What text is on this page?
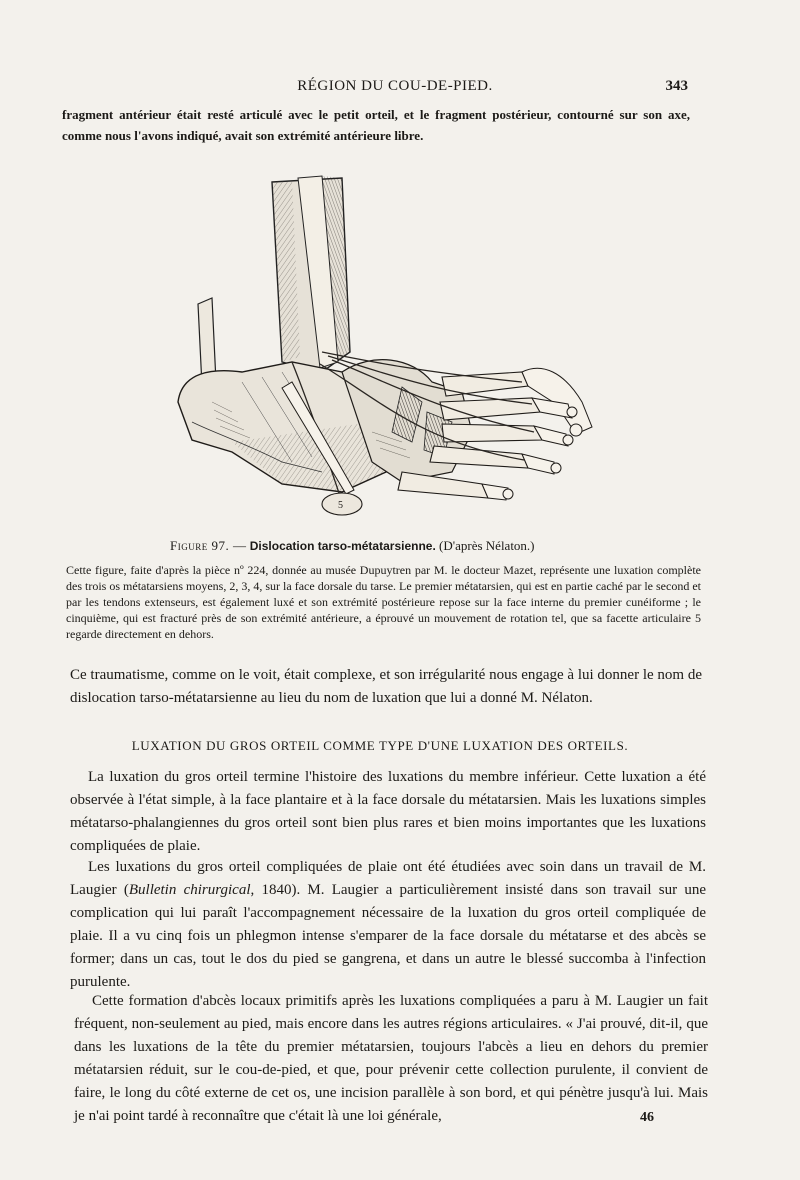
RÉGION DU COU-DE-PIED.	343

fragment antérieur était resté articulé avec le petit orteil, et le fragment postérieur, contourné sur son axe, comme nous l'avons indiqué, avait son extrémité antérieure libre.

5
Figure 97. — Dislocation tarso-métatarsienne. (D'après Nélaton.)

Cette figure, faite d'après la pièce nº 224, donnée au musée Dupuytren par M. le docteur Mazet, représente une luxation complète des trois os métatarsiens moyens, 2, 3, 4, sur la face dorsale du tarse. Le premier métatarsien, qui est en partie caché par le second et par les tendons extenseurs, est également luxé et son extrémité postérieure repose sur la face interne du premier cunéiforme ; le cinquième, qui est fracturé près de son extrémité antérieure, a éprouvé un mouvement de rotation tel, que sa facette articulaire 5 regarde directement en dehors.

Ce traumatisme, comme on le voit, était complexe, et son irrégularité nous engage à lui donner le nom de dislocation tarso-métatarsienne au lieu du nom de luxation que lui a donné M. Nélaton.

LUXATION DU GROS ORTEIL COMME TYPE D'UNE LUXATION DES ORTEILS.

La luxation du gros orteil termine l'histoire des luxations du membre inférieur. Cette luxation a été observée à l'état simple, à la face plantaire et à la face dorsale du métatarsien. Mais les luxations simples métatarso-phalangiennes du gros orteil sont bien plus rares et bien moins importantes que les luxations compliquées de plaie.

Les luxations du gros orteil compliquées de plaie ont été étudiées avec soin dans un travail de M. Laugier (Bulletin chirurgical, 1840). M. Laugier a particulièrement insisté dans son travail sur une complication qui lui paraît l'accompagnement nécessaire de la luxation du gros orteil compliquée de plaie. Il a vu cinq fois un phlegmon intense s'emparer de la face dorsale du métatarse et des abcès se former; dans un cas, tout le dos du pied se gangrena, et dans un autre le blessé succomba à l'infection purulente.

Cette formation d'abcès locaux primitifs après les luxations compliquées a paru à M. Laugier un fait fréquent, non-seulement au pied, mais encore dans les autres régions articulaires. « J'ai prouvé, dit-il, que dans les luxations de la tête du premier métatarsien, toujours l'abcès a lieu en dehors du premier métatarsien réduit, sur le cou-de-pied, et que, pour prévenir cette collection purulente, il convient de faire, le long du côté externe de cet os, une incision parallèle à son bord, et qui pénètre jusqu'à lui. Mais je n'ai point tardé à reconnaître que c'était là une loi générale,	46
